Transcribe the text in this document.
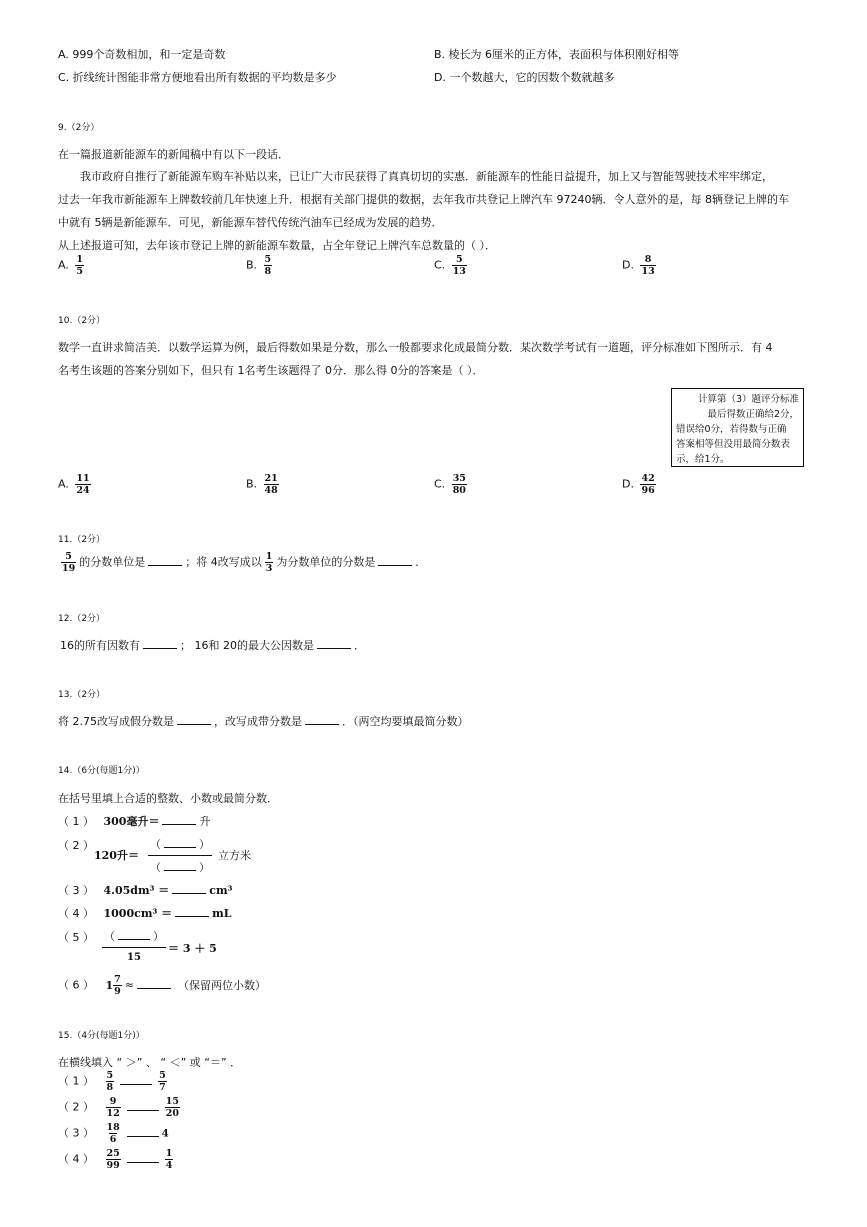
A. 999个奇数相加，和一定是奇数	B. 棱长为 6厘米的正方体，表面积与体积刚好相等
C. 折线统计图能非常方便地看出所有数据的平均数是多少	D. 一个数越大，它的因数个数就越多
9.（2分）
在一篇报道新能源车的新闻稿中有以下一段话．
我市政府自推行了新能源车购车补贴以来，已让广大市民获得了真真切切的实惠．新能源车的性能日益提升，加上又与智能驾驶技术牢牢绑定，
过去一年我市新能源车上牌数较前几年快速上升．根据有关部门提供的数据，去年我市共登记上牌汽车 97240辆．令人意外的是，每 8辆登记上牌的车
中就有 5辆是新能源车．可见，新能源车替代传统汽油车已经成为发展的趋势．
从上述报道可知，去年该市登记上牌的新能源车数量，占全年登记上牌汽车总数量的（ ）．
A. $\frac{1}{5}$	B. $\frac{5}{8}$	C. $\frac{5}{13}$	D. $\frac{8}{13}$
10.（2分）
数学一直讲求简洁美．以数学运算为例，最后得数如果是分数，那么一般都要求化成最简分数．某次数学考试有一道题，评分标准如下图所示．有 4
名考生该题的答案分别如下，但只有 1名考生该题得了 0分．那么得 0分的答案是（ ）．
计算第（3）题评分标准
最后得数正确给2分，
错误给0分，若得数与正确
答案相等但没用最简分数表
示，给1分。
A. $\frac{11}{24}$	B. $\frac{21}{48}$	C. $\frac{35}{80}$	D. $\frac{42}{96}$
11.（2分）
$\frac{5}{19}$ 的分数单位是	；将 4改写成以 $\frac{1}{3}$ 为分数单位的分数是	．
12.（2分）
16的所有因数有	； 16和 20的最大公因数是	．
13.（2分）
将 2.75改写成假分数是	，改写成带分数是	．（两空均要填最简分数）
14.（6分(每题1分)）
在括号里填上合适的整数、小数或最简分数．
（ 1 ） 300毫升＝	升
（ 2 ）
120升＝
（	）
（	）
立方米
（ 3 ） 4.05dm³ ＝	cm³
（ 4 ） 1000cm³ ＝	mL
（ 5 ） （	）
15
＝ 3 ＋ 5
（ 6 ） $1 \frac{7}{9}$ ≈	（保留两位小数）
15.（4分(每题1分)）
在横线填入 “ ＞” 、 “ ＜” 或 “＝” ．
（ 1 ） $\frac{5}{8}$	$\frac{5}{7}$
（ 2 ） $\frac{9}{12}$	$\frac{15}{20}$
（ 3 ） $\frac{18}{6}$	4
（ 4 ） $\frac{25}{99}$	$\frac{1}{4}$
